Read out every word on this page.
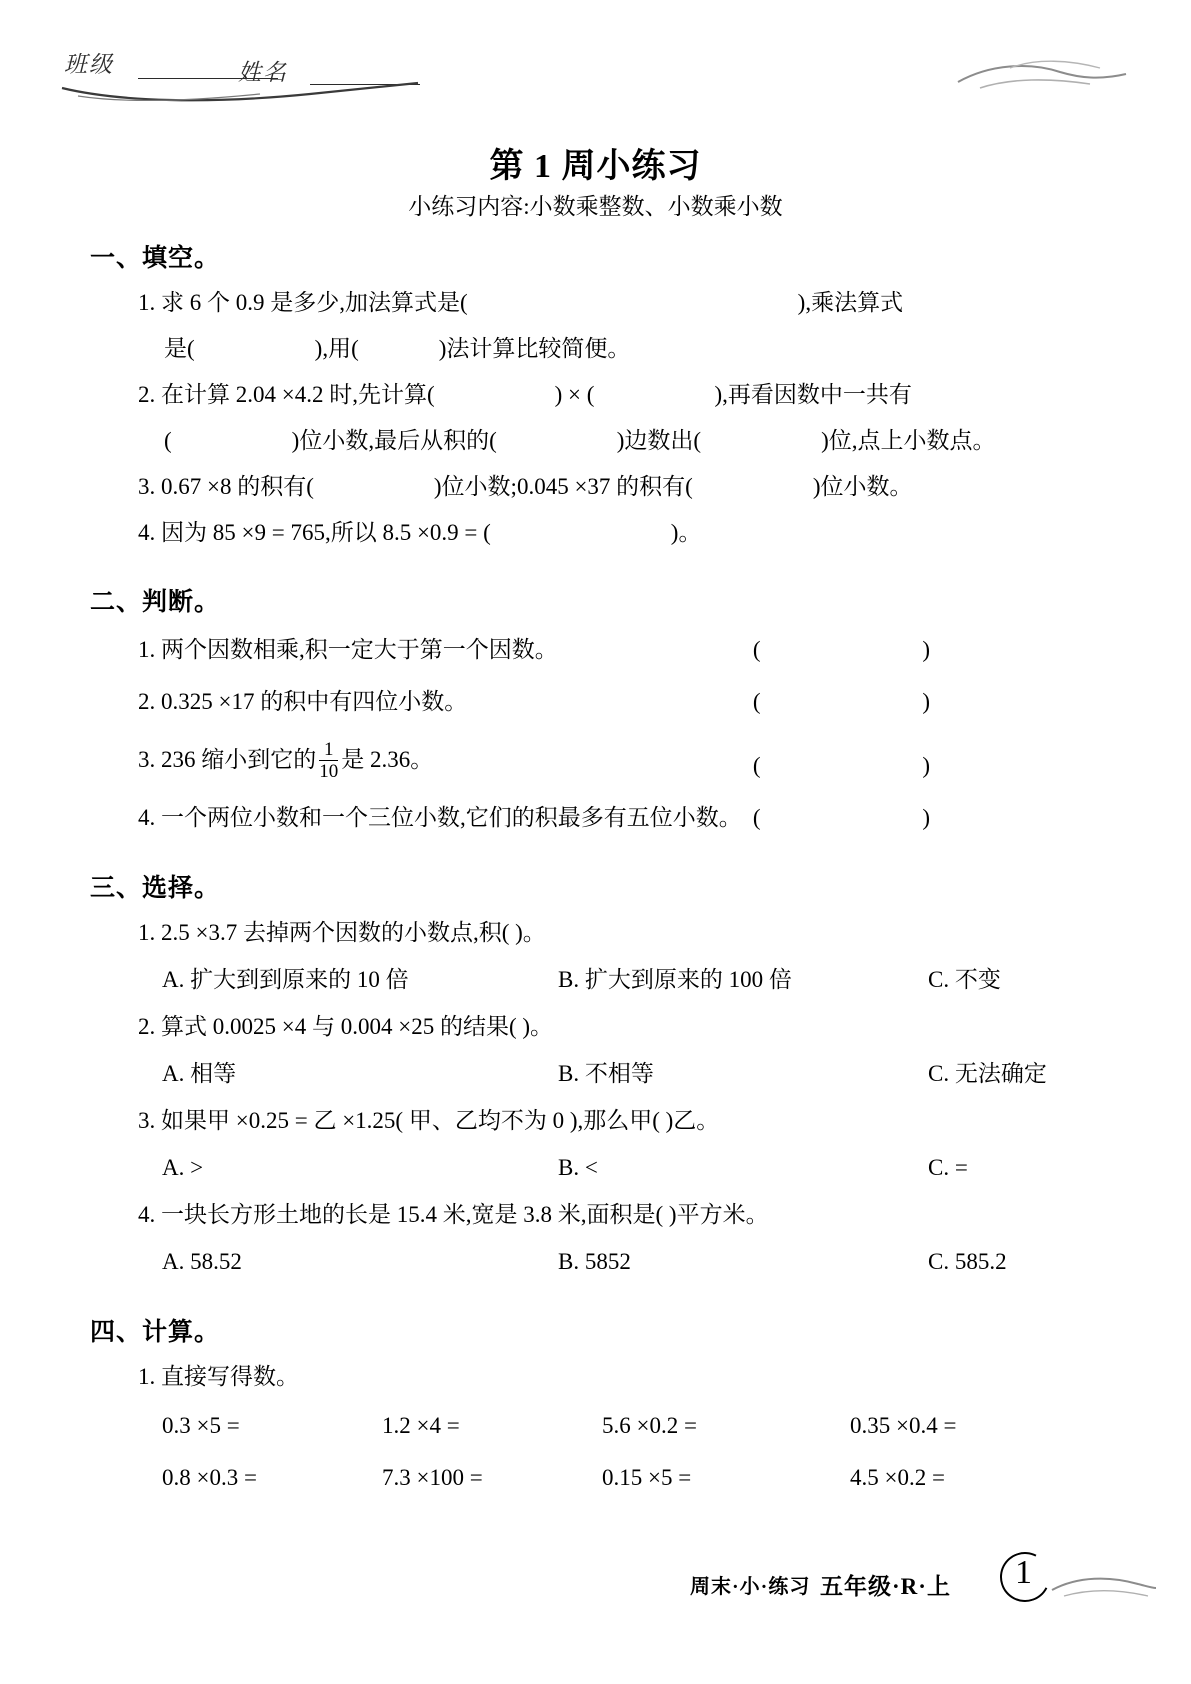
班级	姓名
第 1 周小练习
小练习内容:小数乘整数、小数乘小数
一、填空。
1. 求 6 个 0.9 是多少,加法算式是(	),乘法算式
是(	),用(	)法计算比较简便。
2. 在计算 2.04 ×4.2 时,先计算(	) × (	),再看因数中一共有
(	)位小数,最后从积的(	)边数出(	)位,点上小数点。
3. 0.67 ×8 的积有(	)位小数;0.045 ×37 的积有(	)位小数。
4. 因为 85 ×9 = 765,所以 8.5 ×0.9 = (	)。
二、判断。
1. 两个因数相乘,积一定大于第一个因数。	( )
2. 0.325 ×17 的积中有四位小数。	( )
3. 236 缩小到它的 $\frac{1}{10}$ 是 2.36。	( )
4. 一个两位小数和一个三位小数,它们的积最多有五位小数。 ( )
三、选择。
1. 2.5 ×3.7 去掉两个因数的小数点,积( )。
A. 扩大到到原来的 10 倍	B. 扩大到原来的 100 倍	C. 不变
2. 算式 0.0025 ×4 与 0.004 ×25 的结果( )。
A. 相等	B. 不相等	C. 无法确定
3. 如果甲 ×0.25 = 乙 ×1.25( 甲、乙均不为 0 ),那么甲( )乙。
A. >	B. <	C. =
4. 一块长方形土地的长是 15.4 米,宽是 3.8 米,面积是( )平方米。
A. 58.52	B. 5852	C. 585.2
四、计算。
1. 直接写得数。
0.3 ×5 =	1.2 ×4 =	5.6 ×0.2 =	0.35 ×0.4 =
0.8 ×0.3 =	7.3 ×100 =	0.15 ×5 =	4.5 ×0.2 =
周末·小·练习 五年级·R·上 1
